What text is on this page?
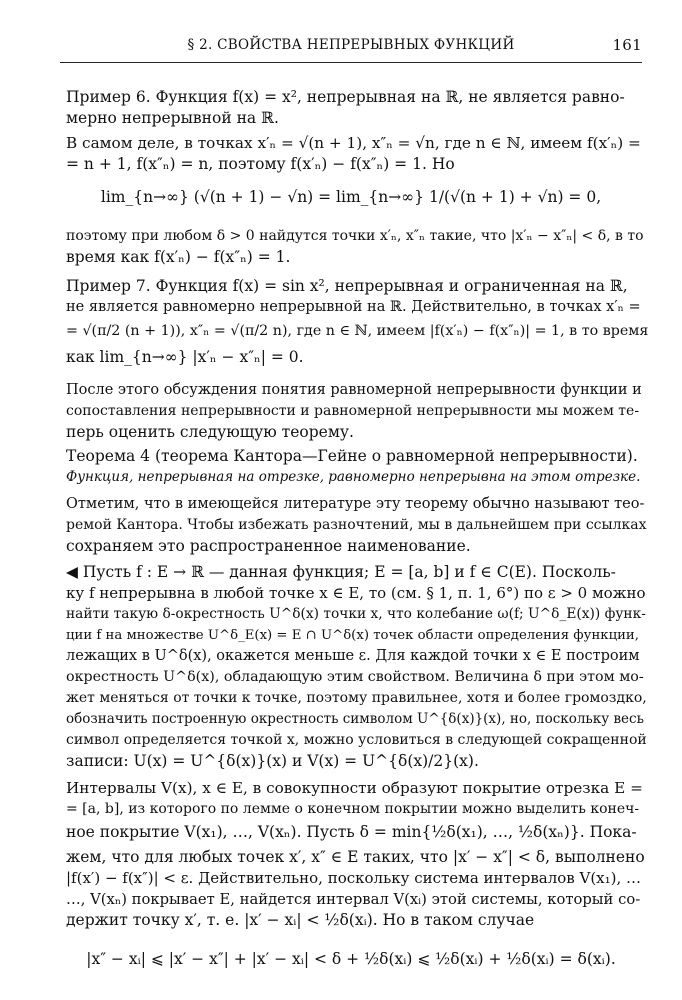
§ 2. СВОЙСТВА НЕПРЕРЫВНЫХ ФУНКЦИЙ	161
Пример 6. Функция f(x) = x², непрерывная на ℝ, не является равно-
мерно непрерывной на ℝ.
В самом деле, в точках x′ₙ = √(n + 1), x″ₙ = √n, где n ∈ ℕ, имеем f(x′ₙ) =
= n + 1, f(x″ₙ) = n, поэтому f(x′ₙ) − f(x″ₙ) = 1. Но
lim_{n→∞} (√(n + 1) − √n) = lim_{n→∞} 1/(√(n + 1) + √n) = 0,
поэтому при любом δ > 0 найдутся точки x′ₙ, x″ₙ такие, что |x′ₙ − x″ₙ| < δ, в то
время как f(x′ₙ) − f(x″ₙ) = 1.
Пример 7. Функция f(x) = sin x², непрерывная и ограниченная на ℝ,
не является равномерно непрерывной на ℝ. Действительно, в точках x′ₙ =
= √(π/2 (n + 1)), x″ₙ = √(π/2 n), где n ∈ ℕ, имеем |f(x′ₙ) − f(x″ₙ)| = 1, в то время
как lim_{n→∞} |x′ₙ − x″ₙ| = 0.
После этого обсуждения понятия равномерной непрерывности функции и
сопоставления непрерывности и равномерной непрерывности мы можем те-
перь оценить следующую теорему.
Теорема 4 (теорема Кантора—Гейне о равномерной непрерывности).
Функция, непрерывная на отрезке, равномерно непрерывна на этом отрезке.
Отметим, что в имеющейся литературе эту теорему обычно называют тео-
ремой Кантора. Чтобы избежать разночтений, мы в дальнейшем при ссылках
сохраняем это распространенное наименование.
◀ Пусть f : E → ℝ — данная функция; E = [a, b] и f ∈ C(E). Посколь-
ку f непрерывна в любой точке x ∈ E, то (см. § 1, п. 1, 6°) по ε > 0 можно
найти такую δ-окрестность U^δ(x) точки x, что колебание ω(f; U^δ_E(x)) функ-
ции f на множестве U^δ_E(x) = E ∩ U^δ(x) точек области определения функции,
лежащих в U^δ(x), окажется меньше ε. Для каждой точки x ∈ E построим
окрестность U^δ(x), обладающую этим свойством. Величина δ при этом мо-
жет меняться от точки к точке, поэтому правильнее, хотя и более громоздко,
обозначить построенную окрестность символом U^{δ(x)}(x), но, поскольку весь
символ определяется точкой x, можно условиться в следующей сокращенной
записи: U(x) = U^{δ(x)}(x) и V(x) = U^{δ(x)/2}(x).
Интервалы V(x), x ∈ E, в совокупности образуют покрытие отрезка E =
= [a, b], из которого по лемме о конечном покрытии можно выделить конеч-
ное покрытие V(x₁), …, V(xₙ). Пусть δ = min{½δ(x₁), …, ½δ(xₙ)}. Пока-
жем, что для любых точек x′, x″ ∈ E таких, что |x′ − x″| < δ, выполнено
|f(x′) − f(x″)| < ε. Действительно, поскольку система интервалов V(x₁), …
…, V(xₙ) покрывает E, найдется интервал V(xᵢ) этой системы, который со-
держит точку x′, т. е. |x′ − xᵢ| < ½δ(xᵢ). Но в таком случае
|x″ − xᵢ| ⩽ |x′ − x″| + |x′ − xᵢ| < δ + ½δ(xᵢ) ⩽ ½δ(xᵢ) + ½δ(xᵢ) = δ(xᵢ).
